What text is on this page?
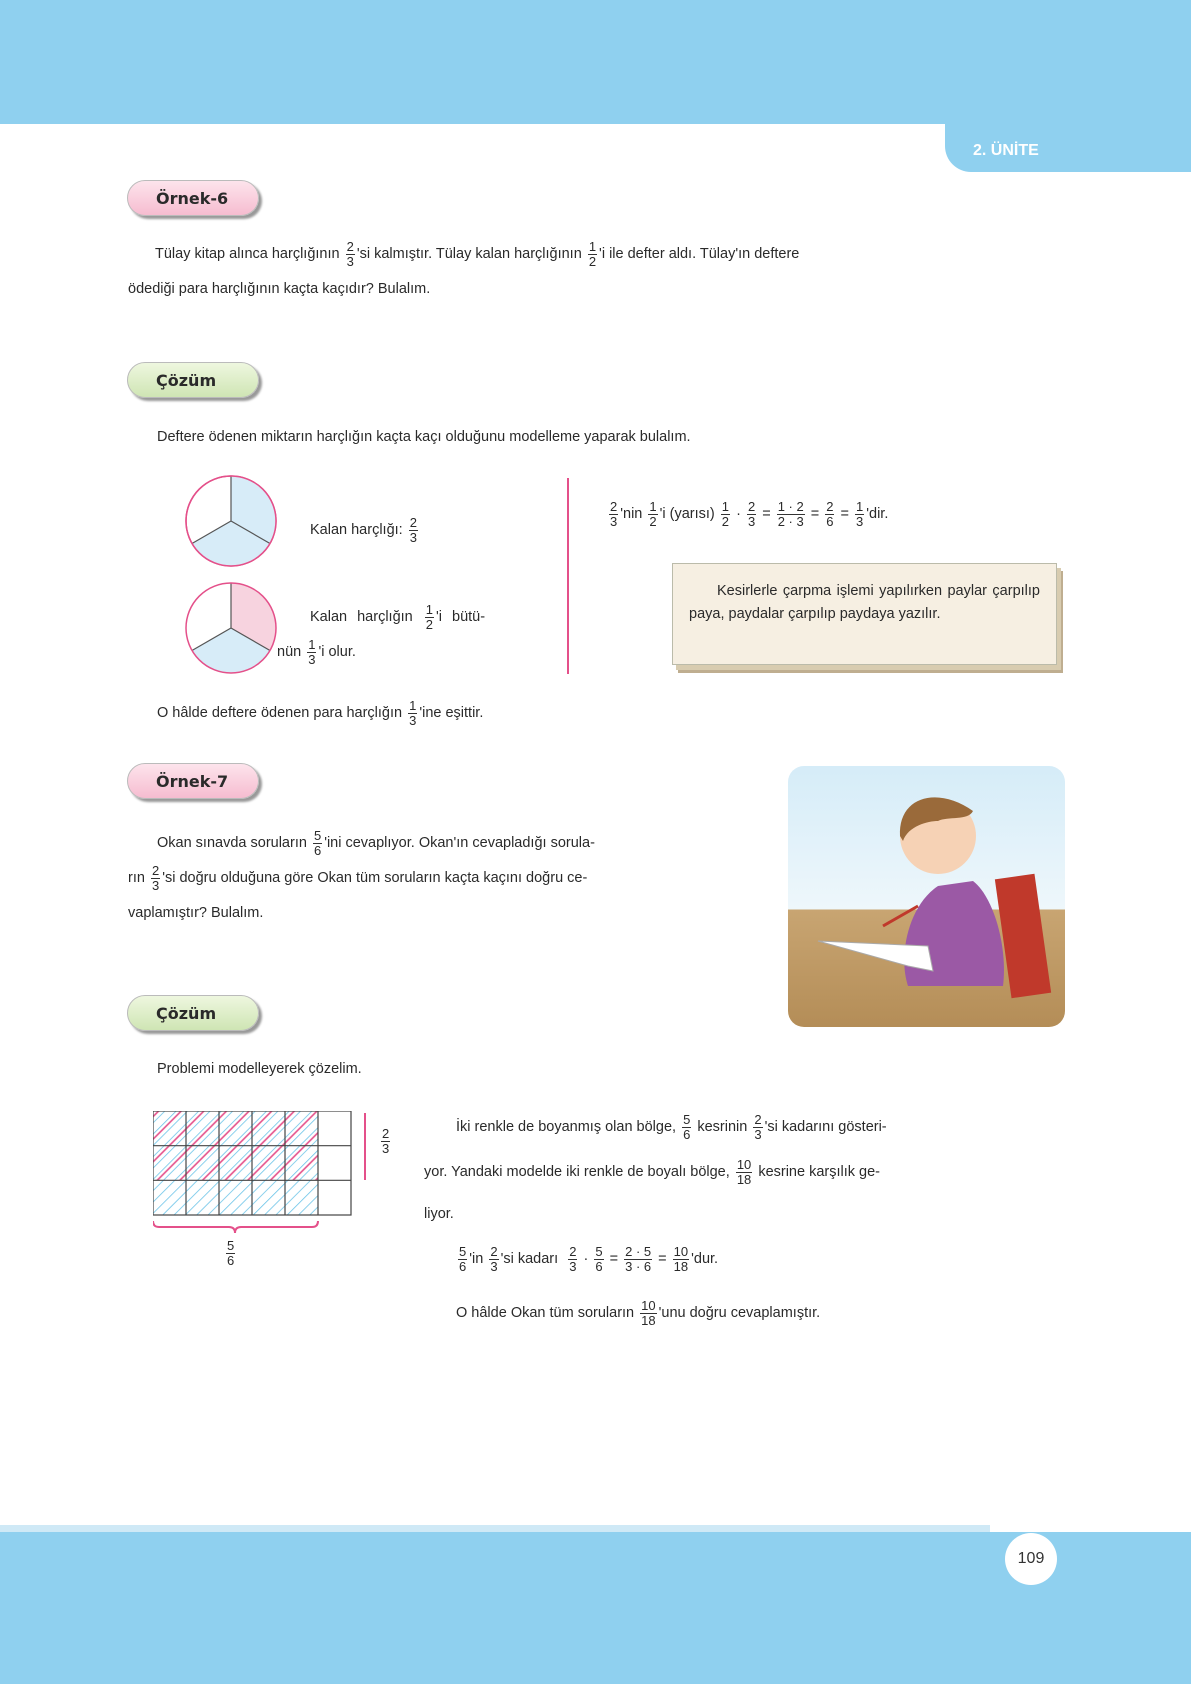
2. ÜNİTE
Örnek-6
Tülay kitap alınca harçlığının $\frac{2}{3}$ 'si kalmıştır. Tülay kalan harçlığının $\frac{1}{2}$ 'i ile defter aldı. Tülay'ın deftere
ödediği para harçlığının kaçta kaçıdır? Bulalım.
Çözüm
Deftere ödenen miktarın harçlığın kaçta kaçı olduğunu modelleme yaparak bulalım.
Kalan harçlığı: $\frac{2}{3}$
Kalan harçlığın $\frac{1}{2}$ 'i bütü-
nün $\frac{1}{3}$ 'i olur.
$\frac{2}{3}$ 'nin $\frac{1}{2}$ 'i (yarısı) $\frac{1}{2} \cdot \frac{2}{3} = \frac{1 \cdot 2}{2 \cdot 3} = \frac{2}{6} = \frac{1}{3}$ 'dir.
Kesirlerle çarpma işlemi yapılırken paylar çarpılıp paya, paydalar çarpılıp paydaya yazılır.
O hâlde deftere ödenen para harçlığın $\frac{1}{3}$ 'ine eşittir.
Örnek-7
Okan sınavda soruların $\frac{5}{6}$ 'ini cevaplıyor. Okan'ın cevapladığı sorula-
rın $\frac{2}{3}$ 'si doğru olduğuna göre Okan tüm soruların kaçta kaçını doğru ce-
vaplamıştır? Bulalım.
Çözüm
Problemi modelleyerek çözelim.
$\frac{5}{6}$
$\frac{2}{3}$	İki renkle de boyanmış olan bölge, $\frac{5}{6}$ kesrinin $\frac{2}{3}$ 'si kadarını gösteri-
yor. Yandaki modelde iki renkle de boyalı bölge, $\frac{10}{18}$ kesrine karşılık ge-
liyor.
$\frac{5}{6}$ 'in $\frac{2}{3}$ 'si kadarı $\frac{2}{3} \cdot \frac{5}{6} = \frac{2 \cdot 5}{3 \cdot 6} = \frac{10}{18}$ 'dur.
O hâlde Okan tüm soruların $\frac{10}{18}$ 'unu doğru cevaplamıştır.
109
